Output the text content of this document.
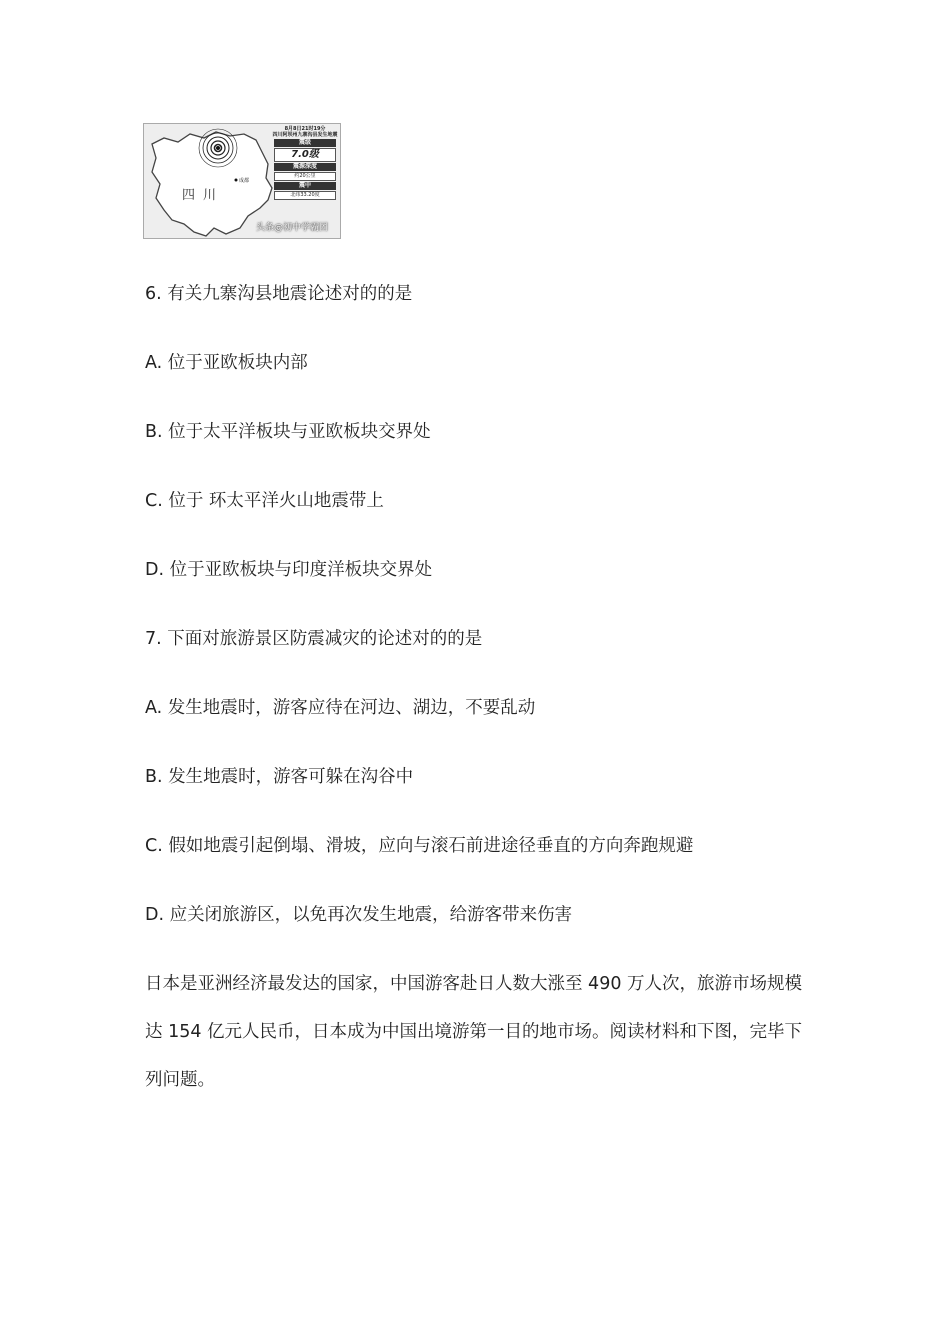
四川
成都
8月8日21时19分
四川阿坝州九寨沟县发生地震
震级
7.0级
震源深度
约20公里
震中
北纬33.20度
头条@初中学霸团
6. 有关九寨沟县地震论述对的的是
A. 位于亚欧板块内部
B. 位于太平洋板块与亚欧板块交界处
C. 位于 环太平洋火山地震带上
D. 位于亚欧板块与印度洋板块交界处
7. 下面对旅游景区防震减灾的论述对的的是
A. 发生地震时，游客应待在河边、湖边，不要乱动
B. 发生地震时，游客可躲在沟谷中
C. 假如地震引起倒塌、滑坡，应向与滚石前进途径垂直的方向奔跑规避
D. 应关闭旅游区，以免再次发生地震，给游客带来伤害
日本是亚洲经济最发达的国家，中国游客赴日人数大涨至 490 万人次，旅游市场规模达 154 亿元人民币，日本成为中国出境游第一目的地市场。阅读材料和下图，完毕下列问题。
